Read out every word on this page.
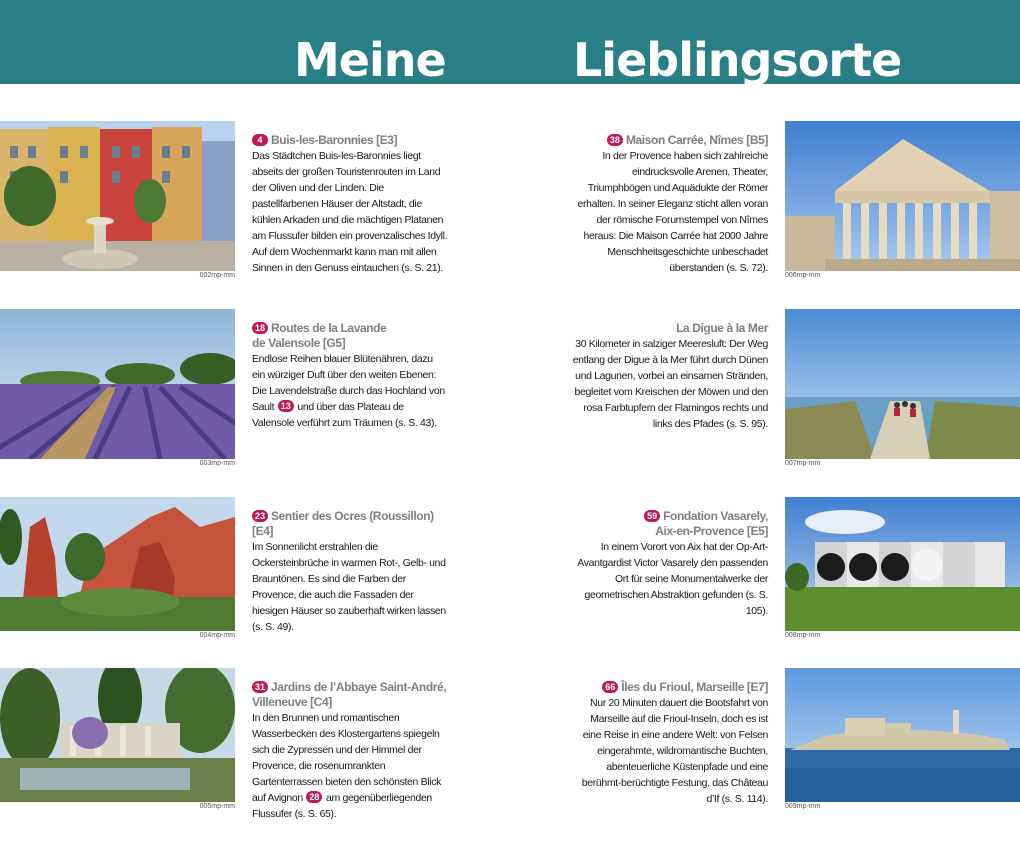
Meine	Lieblingsorte
002mp-mm
4 Buis-les-Baronnies [E3]
Das Städtchen Buis-les-Baronnies liegt abseits der großen Touristenrouten im Land der Oliven und der Linden. Die pastellfarbenen Häuser der Altstadt, die kühlen Arkaden und die mächtigen Platanen am Flussufer bilden ein provenzalisches Idyll. Auf dem Wochenmarkt kann man mit allen Sinnen in den Genuss eintauchen (s. S. 21).
003mp-mm
18 Routes de la Lavande
de Valensole [G5]
Endlose Reihen blauer Blütenähren, dazu ein würziger Duft über den weiten Ebenen: Die Lavendelstraße durch das Hochland von Sault 13 und über das Plateau de Valensole verführt zum Träumen (s. S. 43).
004mp-mm
23 Sentier des Ocres (Roussillon) [E4]
Im Sonnenlicht erstrahlen die Ockersteinbrüche in warmen Rot-, Gelb- und Brauntönen. Es sind die Farben der Provence, die auch die Fassaden der hiesigen Häuser so zauberhaft wirken lassen (s. S. 49).
005mp-mm
31 Jardins de l’Abbaye Saint-André,
Villeneuve [C4]
In den Brunnen und romantischen Wasserbecken des Klostergartens spiegeln sich die Zypressen und der Himmel der Provence, die rosenumrankten Gartenterrassen bieten den schönsten Blick auf Avignon 28 am gegenüberliegenden Flussufer (s. S. 65).
38 Maison Carrée, Nîmes [B5]
In der Provence haben sich zahlreiche eindrucksvolle Arenen, Theater, Triumphbögen und Aquädukte der Römer erhalten. In seiner Eleganz sticht allen voran der römische Forumstempel von Nîmes heraus: Die Maison Carrée hat 2000 Jahre Menschheitsgeschichte unbeschadet überstanden (s. S. 72).
006mp-mm
La Digue à la Mer
30 Kilometer in salziger Meeresluft: Der Weg entlang der Digue à la Mer führt durch Dünen und Lagunen, vorbei an einsamen Stränden, begleitet vom Kreischen der Möwen und den rosa Farbtupfern der Flamingos rechts und links des Pfades (s. S. 95).
007mp-mm
59 Fondation Vasarely,
Aix-en-Provence [E5]
In einem Vorort von Aix hat der Op-Art-Avantgardist Victor Vasarely den passenden Ort für seine Monumentalwerke der geometrischen Abstraktion gefunden (s. S. 105).
008mp-mm
66 Îles du Frioul, Marseille [E7]
Nur 20 Minuten dauert die Bootsfahrt von Marseille auf die Frioul-Inseln, doch es ist eine Reise in eine andere Welt: von Felsen eingerahmte, wildromantische Buchten, abenteuerliche Küstenpfade und eine berühmt-berüchtigte Festung, das Château d’If (s. S. 114).
009mp-mm
